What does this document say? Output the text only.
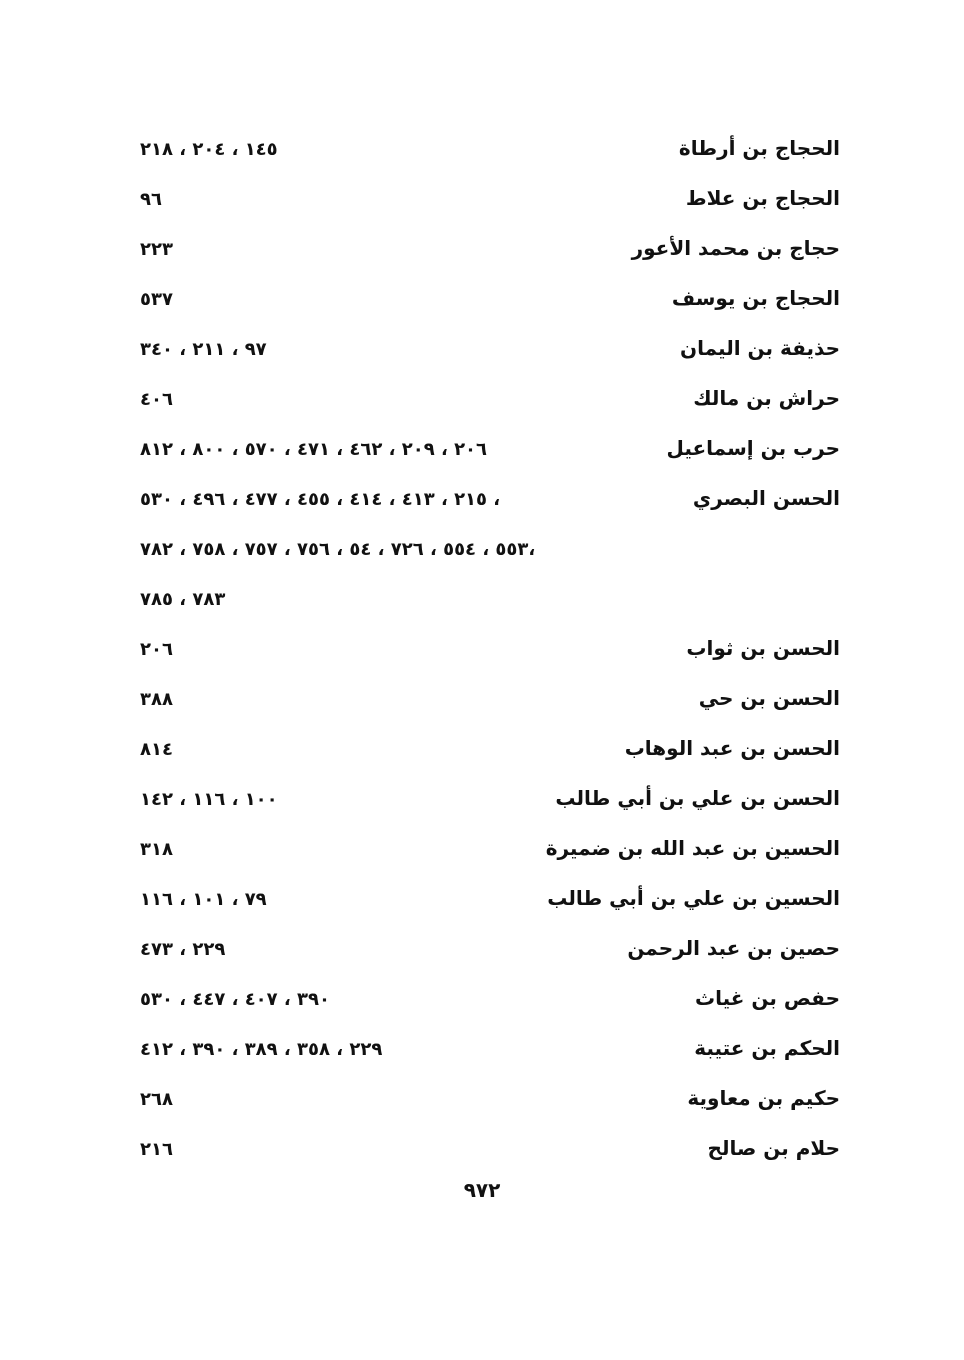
الحجاج بن أرطاة
١٤٥ ، ٢٠٤ ، ٢١٨
الحجاج بن علاط
٩٦
حجاج بن محمد الأعور
٢٢٣
الحجاج بن يوسف
٥٣٧
حذيفة بن اليمان
٩٧ ، ٢١١ ، ٣٤٠
حراش بن مالك
٤٠٦
حرب بن إسماعيل
٢٠٦ ، ٢٠٩ ، ٤٦٢ ، ٤٧١ ، ٥٧٠ ، ٨٠٠ ، ٨١٢
الحسن البصري
٢١٥ ، ٤١٣ ، ٤١٤ ، ٤٥٥ ، ٤٧٧ ، ٤٩٦ ، ٥٣٠ ،
٥٥٣ ، ٥٥٤ ، ٧٢٦ ، ٥٤ ، ٧٥٦ ، ٧٥٧ ، ٧٥٨ ، ٧٨٢،
٧٨٣ ، ٧٨٥
الحسن بن ثواب
٢٠٦
الحسن بن حي
٣٨٨
الحسن بن عبد الوهاب
٨١٤
الحسن بن علي بن أبي طالب
١٠٠ ، ١١٦ ، ١٤٢
الحسين بن عبد الله بن ضميرة
٣١٨
الحسين بن علي بن أبي طالب
٧٩ ، ١٠١ ، ١١٦
حصين بن عبد الرحمن
٢٢٩ ، ٤٧٣
حفص بن غياث
٣٩٠ ، ٤٠٧ ، ٤٤٧ ، ٥٣٠
الحكم بن عتيبة
٢٢٩ ، ٣٥٨ ، ٣٨٩ ، ٣٩٠ ، ٤١٢
حكيم بن معاوية
٢٦٨
حلام بن صالح
٢١٦
٩٧٢
